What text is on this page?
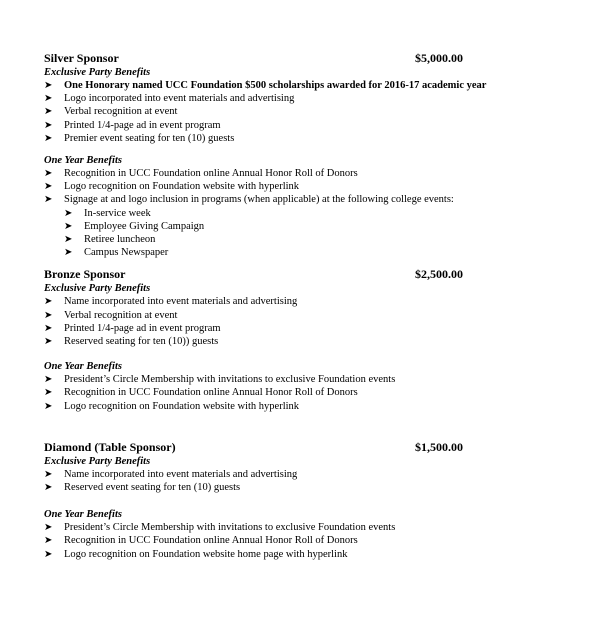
Silver Sponsor	$5,000.00
Exclusive Party Benefits
➤ One Honorary named UCC Foundation $500 scholarships awarded for 2016-17 academic year
➤ Logo incorporated into event materials and advertising
➤ Verbal recognition at event
➤ Printed 1/4-page ad in event program
➤ Premier event seating for ten (10) guests
One Year Benefits
➤ Recognition in UCC Foundation online Annual Honor Roll of Donors
➤ Logo recognition on Foundation website with hyperlink
➤ Signage at and logo inclusion in programs (when applicable) at the following college events:
➤ In-service week
➤ Employee Giving Campaign
➤ Retiree luncheon
➤ Campus Newspaper
Bronze Sponsor	$2,500.00
Exclusive Party Benefits
➤ Name incorporated into event materials and advertising
➤ Verbal recognition at event
➤ Printed 1/4-page ad in event program
➤ Reserved seating for ten (10)) guests
One Year Benefits
➤ President’s Circle Membership with invitations to exclusive Foundation events
➤ Recognition in UCC Foundation online Annual Honor Roll of Donors
➤ Logo recognition on Foundation website with hyperlink
Diamond (Table Sponsor)	$1,500.00
Exclusive Party Benefits
➤ Name incorporated into event materials and advertising
➤ Reserved event seating for ten (10) guests
One Year Benefits
➤ President’s Circle Membership with invitations to exclusive Foundation events
➤ Recognition in UCC Foundation online Annual Honor Roll of Donors
➤ Logo recognition on Foundation website home page with hyperlink
